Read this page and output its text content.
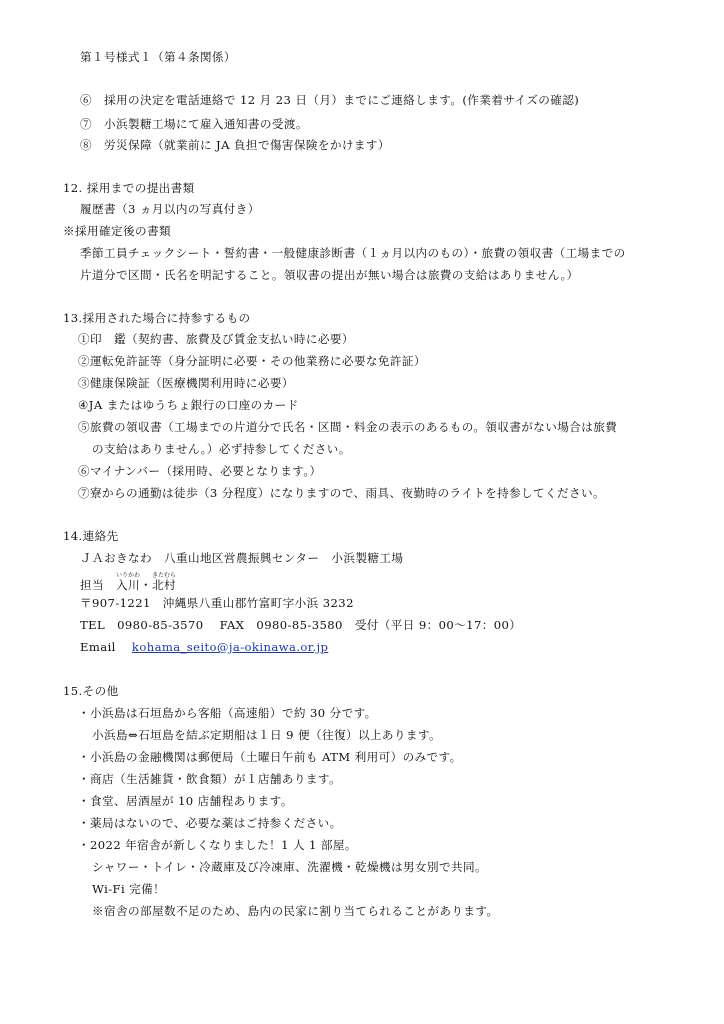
第１号様式１（第４条関係）
⑥　採用の決定を電話連絡で 12 月 23 日（月）までにご連絡します。(作業着サイズの確認)
⑦　小浜製糖工場にて雇入通知書の受渡。
⑧　労災保障（就業前に JA 負担で傷害保険をかけます）
12. 採用までの提出書類
履歴書（3 ヵ月以内の写真付き）
※採用確定後の書類
季節工員チェックシート・誓約書・一般健康診断書（１ヵ月以内のもの）・旅費の領収書（工場までの
片道分で区間・氏名を明記すること。領収書の提出が無い場合は旅費の支給はありません。）
13.採用された場合に持参するもの
①印　鑑（契約書、旅費及び賃金支払い時に必要）
②運転免許証等（身分証明に必要・その他業務に必要な免許証）
③健康保険証（医療機関利用時に必要）
④JA またはゆうちょ銀行の口座のカード
⑤旅費の領収書（工場までの片道分で氏名・区間・料金の表示のあるもの。領収書がない場合は旅費
の支給はありません。）必ず持参してください。
⑥マイナンバー（採用時、必要となります。）
⑦寮からの通勤は徒歩（3 分程度）になりますので、雨具、夜勤時のライトを持参してください。
14.連絡先
ＪＡおきなわ　八重山地区営農振興センター　小浜製糖工場
担当　 入川いりかわ・北村きたむら
〒907-1221　沖縄県八重山郡竹富町字小浜 3232
TEL　0980-85-3570　 FAX　0980-85-3580　受付（平日 9：00～17：00）
Email　 kohama_seito@ja-okinawa.or.jp
15.その他
・小浜島は石垣島から客船（高速船）で約 30 分です。
小浜島⇔石垣島を結ぶ定期船は１日 9 便（往復）以上あります。
・小浜島の金融機関は郵便局（土曜日午前も ATM 利用可）のみです。
・商店（生活雑貨・飲食類）が１店舗あります。
・食堂、居酒屋が 10 店舗程あります。
・薬局はないので、必要な薬はご持参ください。
・2022 年宿舎が新しくなりました！1 人 1 部屋。
シャワー・トイレ・冷蔵庫及び冷凍庫、洗濯機・乾燥機は男女別で共同。
Wi-Fi 完備！
※宿舎の部屋数不足のため、島内の民家に割り当てられることがあります。
